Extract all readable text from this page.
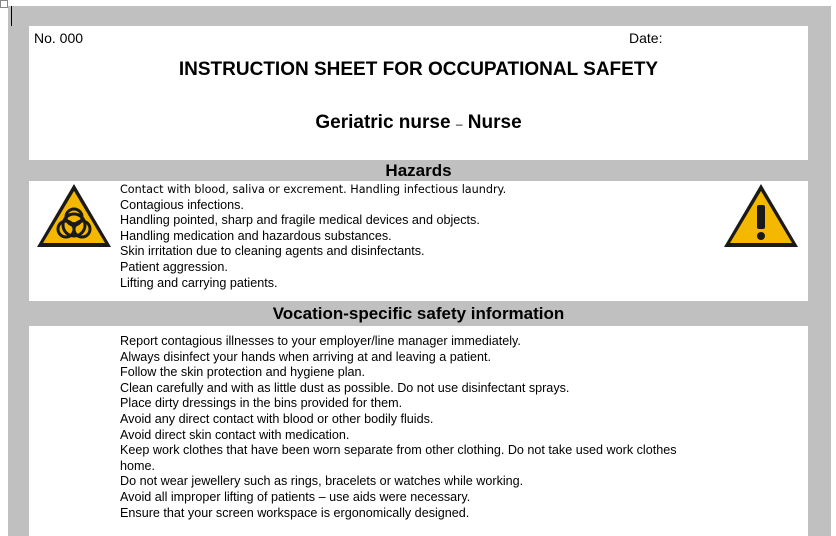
No. 000	Date:
INSTRUCTION SHEET FOR OCCUPATIONAL SAFETY
Geriatric nurse – Nurse
Hazards
Contact with blood, saliva or excrement. Handling infectious laundry.
Contagious infections.
Handling pointed, sharp and fragile medical devices and objects.
Handling medication and hazardous substances.
Skin irritation due to cleaning agents and disinfectants.
Patient aggression.
Lifting and carrying patients.
Vocation-specific safety information
Report contagious illnesses to your employer/line manager immediately.
Always disinfect your hands when arriving at and leaving a patient.
Follow the skin protection and hygiene plan.
Clean carefully and with as little dust as possible. Do not use disinfectant sprays.
Place dirty dressings in the bins provided for them.
Avoid any direct contact with blood or other bodily fluids.
Avoid direct skin contact with medication.
Keep work clothes that have been worn separate from other clothing. Do not take used work clothes home.
Do not wear jewellery such as rings, bracelets or watches while working.
Avoid all improper lifting of patients – use aids were necessary.
Ensure that your screen workspace is ergonomically designed.
